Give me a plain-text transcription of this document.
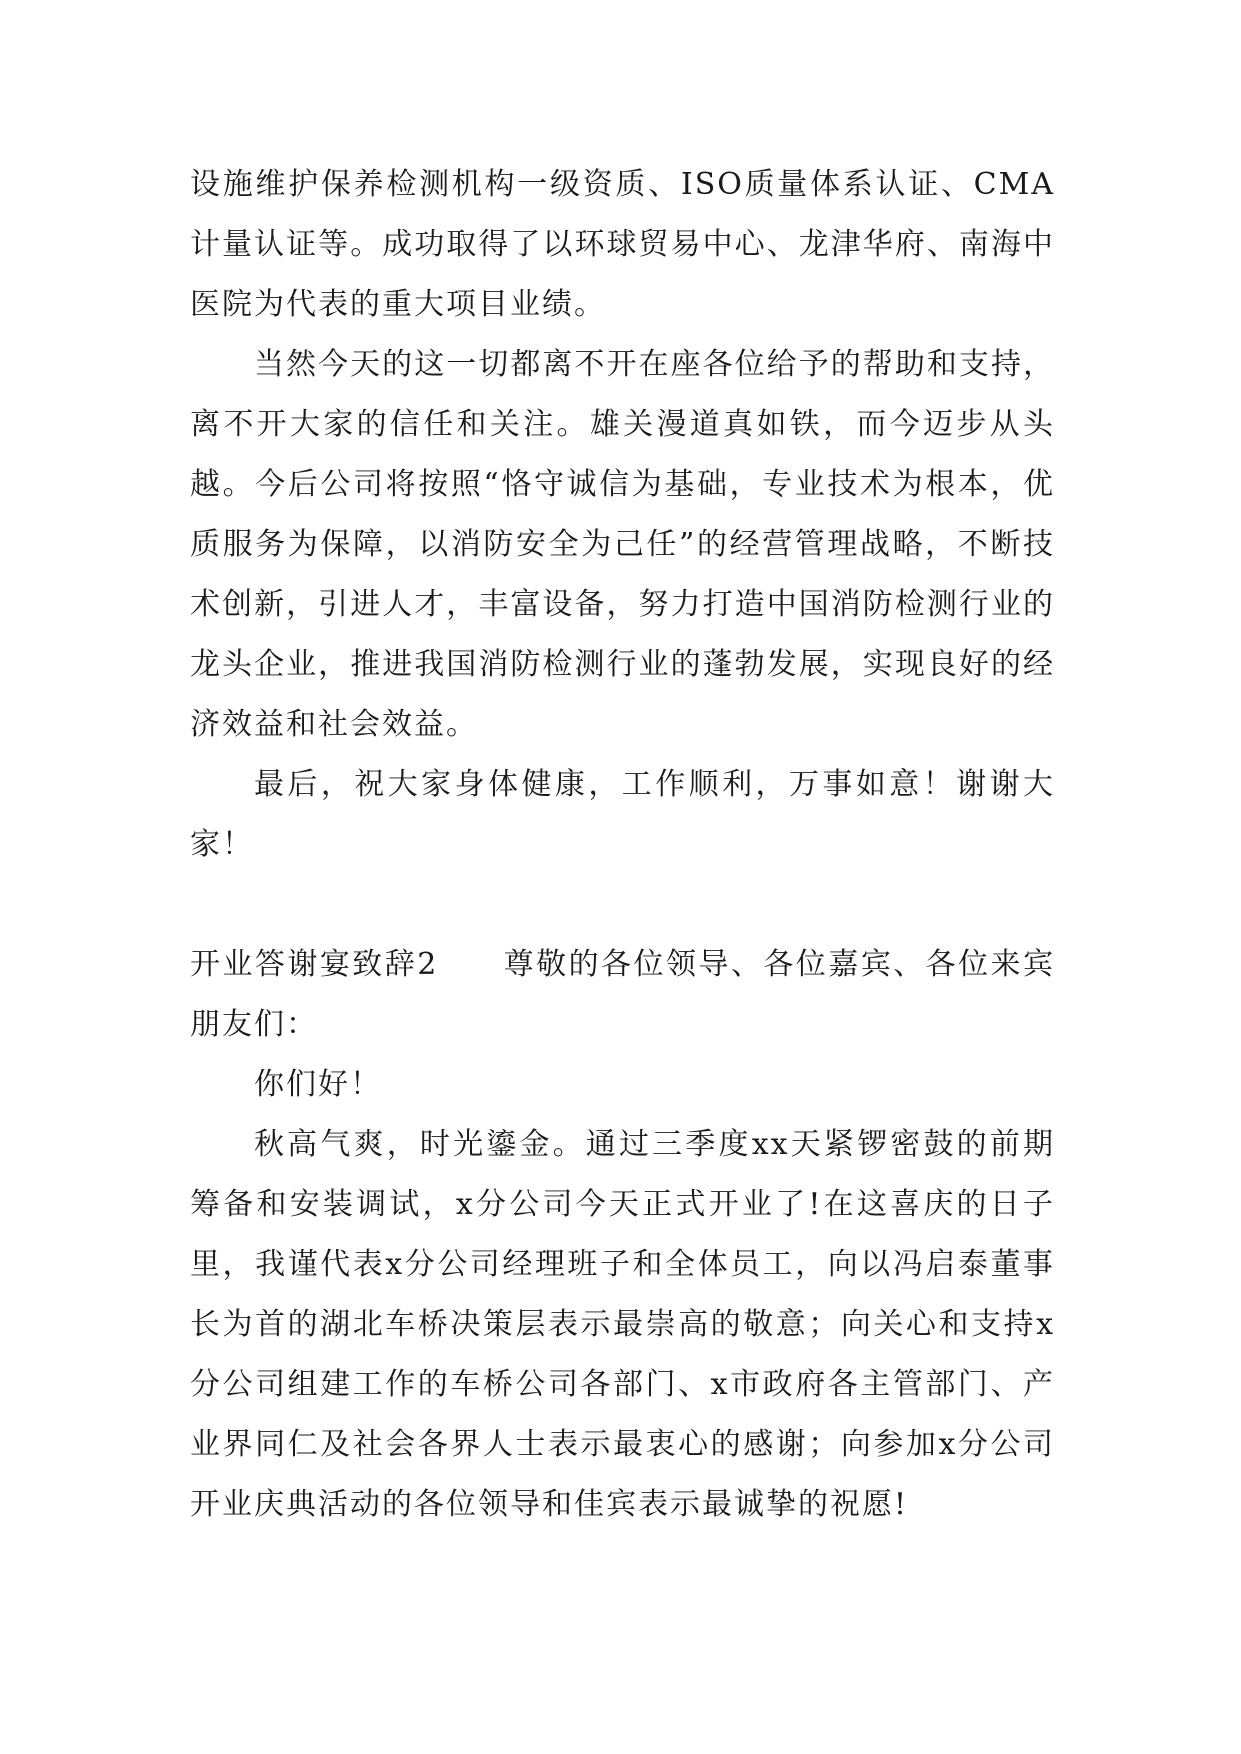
设施维护保养检测机构一级资质、ISO质量体系认证、CMA计量认证等。成功取得了以环球贸易中心、龙津华府、南海中医院为代表的重大项目业绩。

当然今天的这一切都离不开在座各位给予的帮助和支持，离不开大家的信任和关注。雄关漫道真如铁，而今迈步从头越。今后公司将按照“恪守诚信为基础，专业技术为根本，优质服务为保障，以消防安全为己任”的经营管理战略，不断技术创新，引进人才，丰富设备，努力打造中国消防检测行业的龙头企业，推进我国消防检测行业的蓬勃发展，实现良好的经济效益和社会效益。

最后，祝大家身体健康，工作顺利，万事如意！谢谢大家！

开业答谢宴致辞2　　 尊敬的各位领导、各位嘉宾、各位来宾朋友们：

你们好！

秋高气爽，时光鎏金。通过三季度xx天紧锣密鼓的前期筹备和安装调试，x分公司今天正式开业了!在这喜庆的日子里，我谨代表x分公司经理班子和全体员工，向以冯启泰董事长为首的湖北车桥决策层表示最崇高的敬意；向关心和支持x分公司组建工作的车桥公司各部门、x市政府各主管部门、产业界同仁及社会各界人士表示最衷心的感谢；向参加x分公司开业庆典活动的各位领导和佳宾表示最诚挚的祝愿!
